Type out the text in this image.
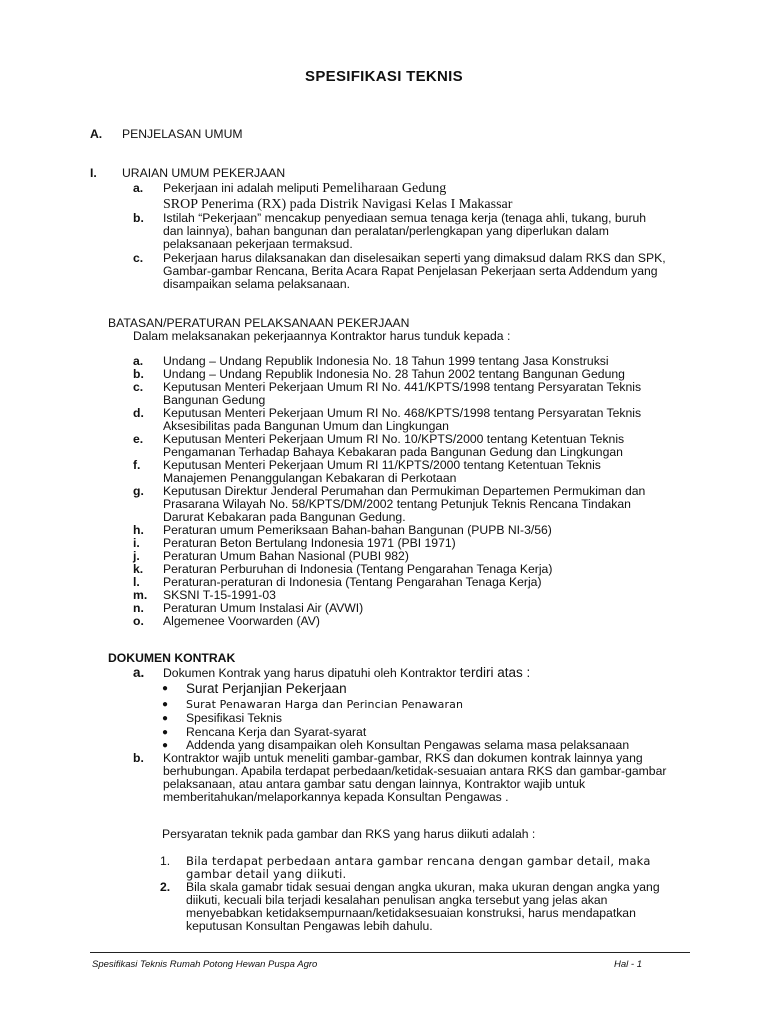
SPESIFIKASI TEKNIS
A. PENJELASAN UMUM
I. URAIAN UMUM PEKERJAAN
a. Pekerjaan ini adalah meliputi Pemeliharaan Gedung
SROP Penerima (RX) pada Distrik Navigasi Kelas I Makassar
b. Istilah “Pekerjaan” mencakup penyediaan semua tenaga kerja (tenaga ahli, tukang, buruh
dan lainnya), bahan bangunan dan peralatan/perlengkapan yang diperlukan dalam
pelaksanaan pekerjaan termaksud.
c. Pekerjaan harus dilaksanakan dan diselesaikan seperti yang dimaksud dalam RKS dan SPK,
Gambar-gambar Rencana, Berita Acara Rapat Penjelasan Pekerjaan serta Addendum yang
disampaikan selama pelaksanaan.
BATASAN/PERATURAN PELAKSANAAN PEKERJAAN
Dalam melaksanakan pekerjaannya Kontraktor harus tunduk kepada :
a. Undang – Undang Republik Indonesia No. 18 Tahun 1999 tentang Jasa Konstruksi
b. Undang – Undang Republik Indonesia No. 28 Tahun 2002 tentang Bangunan Gedung
c. Keputusan Menteri Pekerjaan Umum RI No. 441/KPTS/1998 tentang Persyaratan Teknis
Bangunan Gedung
d. Keputusan Menteri Pekerjaan Umum RI No. 468/KPTS/1998 tentang Persyaratan Teknis
Aksesibilitas pada Bangunan Umum dan Lingkungan
e. Keputusan Menteri Pekerjaan Umum RI No. 10/KPTS/2000 tentang Ketentuan Teknis
Pengamanan Terhadap Bahaya Kebakaran pada Bangunan Gedung dan Lingkungan
f. Keputusan Menteri Pekerjaan Umum RI 11/KPTS/2000 tentang Ketentuan Teknis
Manajemen Penanggulangan Kebakaran di Perkotaan
g. Keputusan Direktur Jenderal Perumahan dan Permukiman Departemen Permukiman dan
Prasarana Wilayah No. 58/KPTS/DM/2002 tentang Petunjuk Teknis Rencana Tindakan
Darurat Kebakaran pada Bangunan Gedung.
h. Peraturan umum Pemeriksaan Bahan-bahan Bangunan (PUPB NI-3/56)
i. Peraturan Beton Bertulang Indonesia 1971 (PBI 1971)
j. Peraturan Umum Bahan Nasional (PUBI 982)
k. Peraturan Perburuhan di Indonesia (Tentang Pengarahan Tenaga Kerja)
l. Peraturan-peraturan di Indonesia (Tentang Pengarahan Tenaga Kerja)
m. SKSNI T-15-1991-03
n. Peraturan Umum Instalasi Air (AVWI)
o. Algemenee Voorwarden (AV)
DOKUMEN KONTRAK
a. Dokumen Kontrak yang harus dipatuhi oleh Kontraktor terdiri atas :
● Surat Perjanjian Pekerjaan
● Surat Penawaran Harga dan Perincian Penawaran
● Spesifikasi Teknis
● Rencana Kerja dan Syarat-syarat
● Addenda yang disampaikan oleh Konsultan Pengawas selama masa pelaksanaan
b. Kontraktor wajib untuk meneliti gambar-gambar, RKS dan dokumen kontrak lainnya yang
berhubungan. Apabila terdapat perbedaan/ketidak-sesuaian antara RKS dan gambar-gambar
pelaksanaan, atau antara gambar satu dengan lainnya, Kontraktor wajib untuk
memberitahukan/melaporkannya kepada Konsultan Pengawas .
Persyaratan teknik pada gambar dan RKS yang harus diikuti adalah :
1. Bila terdapat perbedaan antara gambar rencana dengan gambar detail, maka
gambar detail yang diikuti.
2. Bila skala gamabr tidak sesuai dengan angka ukuran, maka ukuran dengan angka yang
diikuti, kecuali bila terjadi kesalahan penulisan angka tersebut yang jelas akan
menyebabkan ketidaksempurnaan/ketidaksesuaian konstruksi, harus mendapatkan
keputusan Konsultan Pengawas lebih dahulu.
Spesifikasi Teknis Rumah Potong Hewan Puspa Agro	Hal - 1
